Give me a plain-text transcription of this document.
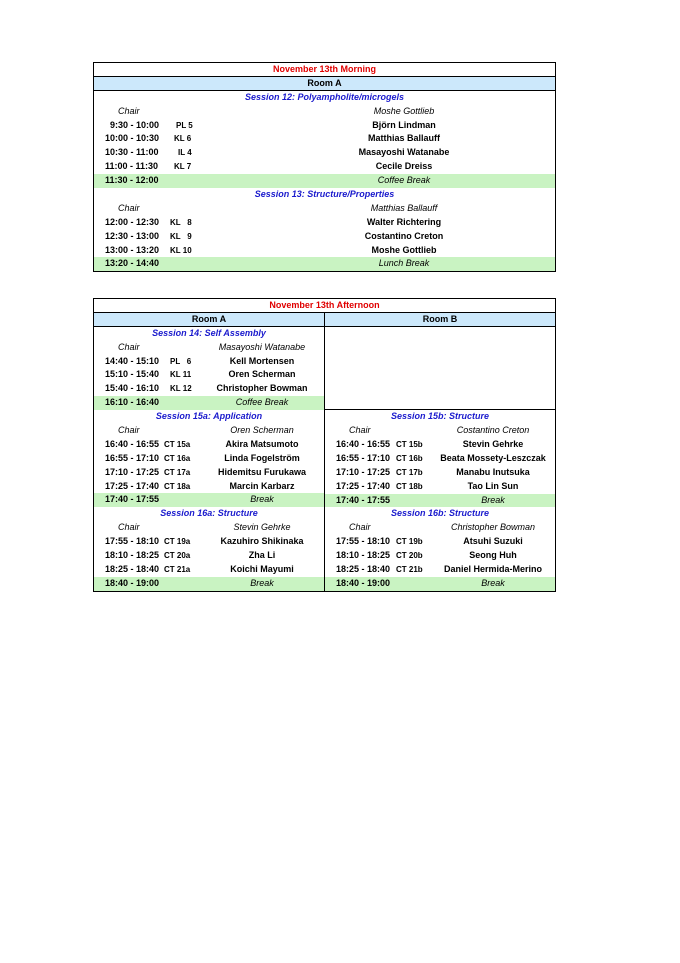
November 13th Morning
Room A
Session 12: Polyampholite/microgels
Chair	Moshe Gottlieb
9:30 - 10:00 PL 5	Björn Lindman
10:00 - 10:30 KL 6	Matthias Ballauff
10:30 - 11:00 IL 4	Masayoshi Watanabe
11:00 - 11:30 KL 7	Cecile Dreiss
11:30 - 12:00	Coffee Break
Session 13: Structure/Properties
Chair	Matthias Ballauff
12:00 - 12:30 KL   8	Walter Richtering
12:30 - 13:00 KL   9	Costantino Creton
13:00 - 13:20 KL 10	Moshe Gottlieb
13:20 - 14:40	Lunch Break
November 13th Afternoon
Room A	Room B
Session 14: Self Assembly
Chair	Masayoshi Watanabe
14:40 - 15:10 PL   6	Kell Mortensen
15:10 - 15:40 KL 11	Oren Scherman
15:40 - 16:10 KL 12	Christopher Bowman
16:10 - 16:40	Coffee Break
Session 15a: Application
Chair	Oren Scherman
16:40 - 16:55 CT 15a	Akira Matsumoto
16:55 - 17:10 CT 16a	Linda Fogelström
17:10 - 17:25 CT 17a	Hidemitsu Furukawa
17:25 - 17:40 CT 18a	Marcin Karbarz
17:40 - 17:55	Break
Session 16a: Structure
Chair	Stevin Gehrke
17:55 - 18:10 CT 19a	Kazuhiro Shikinaka
18:10 - 18:25 CT 20a	Zha Li
18:25 - 18:40 CT 21a	Koichi Mayumi
18:40 - 19:00	Break
Session 15b: Structure
Chair	Costantino Creton
16:40 - 16:55 CT 15b	Stevin Gehrke
16:55 - 17:10 CT 16b	Beata Mossety-Leszczak
17:10 - 17:25 CT 17b	Manabu Inutsuka
17:25 - 17:40 CT 18b	Tao Lin Sun
17:40 - 17:55	Break
Session 16b: Structure
Chair	Christopher Bowman
17:55 - 18:10 CT 19b	Atsuhi Suzuki
18:10 - 18:25 CT 20b	Seong Huh
18:25 - 18:40 CT 21b	Daniel Hermida-Merino
18:40 - 19:00	Break
